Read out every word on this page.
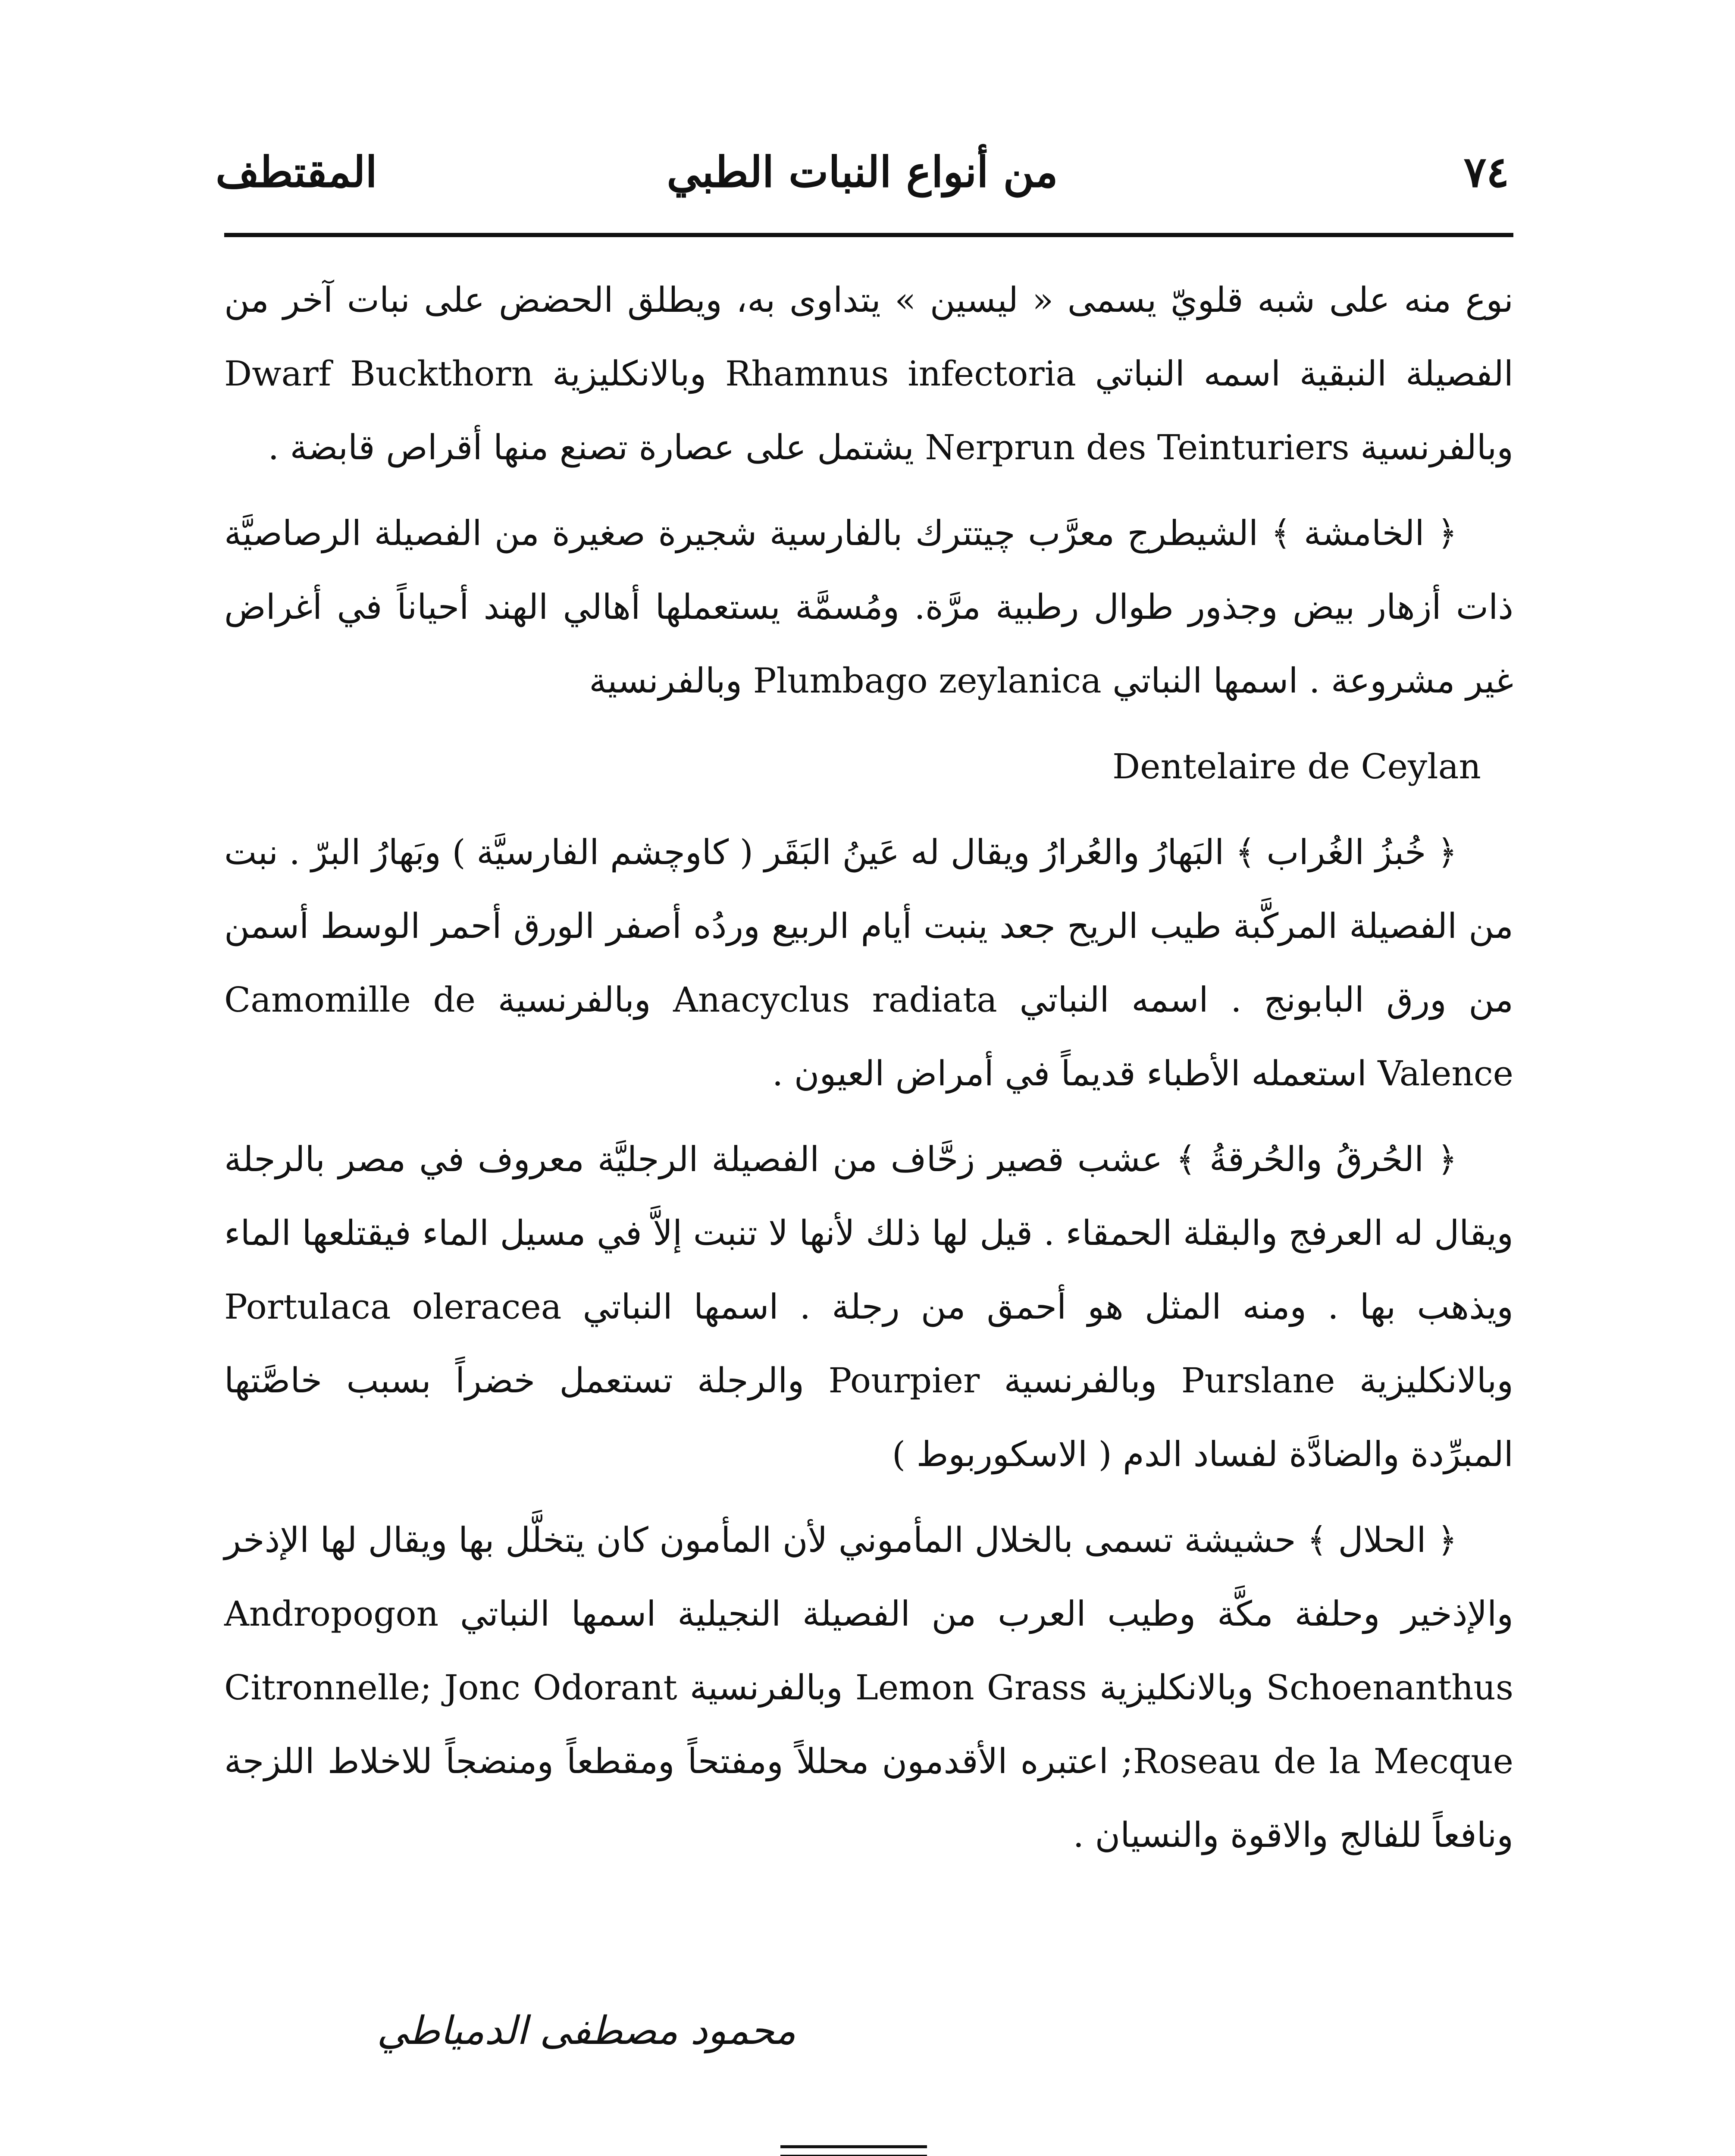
٧٤
من أنواع النبات الطبي
المقتطف

نوع منه على شبه قلويّ يسمى « ليسين » يتداوى به، ويطلق الحضض على نبات آخر من الفصيلة النبقية اسمه النباتي Rhamnus infectoria وبالانكليزية Dwarf Buckthorn وبالفرنسية Nerprun des Teinturiers يشتمل على عصارة تصنع منها أقراص قابضة .

﴿ الخامشة ﴾ الشيطرج معرَّب چيتترك بالفارسية شجيرة صغيرة من الفصيلة الرصاصيَّة ذات أزهار بيض وجذور طوال رطبية مرَّة. ومُسمَّة يستعملها أهالي الهند أحياناً في أغراض غير مشروعة . اسمها النباتي Plumbago zeylanica وبالفرنسية

Dentelaire de Ceylan

﴿ خُبزُ الغُراب ﴾ البَهارُ والعُرارُ ويقال له عَينُ البَقَر ( كاوچشم الفارسيَّة ) وبَهارُ البرّ . نبت من الفصيلة المركَّبة طيب الريح جعد ينبت أيام الربيع وردُه أصفر الورق أحمر الوسط أسمن من ورق البابونج . اسمه النباتي Anacyclus radiata وبالفرنسية Camomille de Valence استعمله الأطباء قديماً في أمراض العيون .

﴿ الحُرقُ والحُرقةُ ﴾ عشب قصير زحَّاف من الفصيلة الرجليَّة معروف في مصر بالرجلة ويقال له العرفج والبقلة الحمقاء . قيل لها ذلك لأنها لا تنبت إلاَّ في مسيل الماء فيقتلعها الماء ويذهب بها . ومنه المثل هو أحمق من رجلة . اسمها النباتي Portulaca oleracea وبالانكليزية Purslane وبالفرنسية Pourpier والرجلة تستعمل خضراً بسبب خاصَّتها المبرِّدة والضادَّة لفساد الدم ( الاسكوربوط )

﴿ الحلال ﴾ حشيشة تسمى بالخلال المأموني لأن المأمون كان يتخلَّل بها ويقال لها الإذخر والإذخير وحلفة مكَّة وطيب العرب من الفصيلة النجيلية اسمها النباتي Andropogon Schoenanthus وبالانكليزية Lemon Grass وبالفرنسية Citronnelle; Jonc Odorant Roseau de la Mecque; اعتبره الأقدمون محللاً ومفتحاً ومقطعاً ومنضجاً للاخلاط اللزجة ونافعاً للفالج والاقوة والنسيان .

محمود مصطفى الدمياطي
